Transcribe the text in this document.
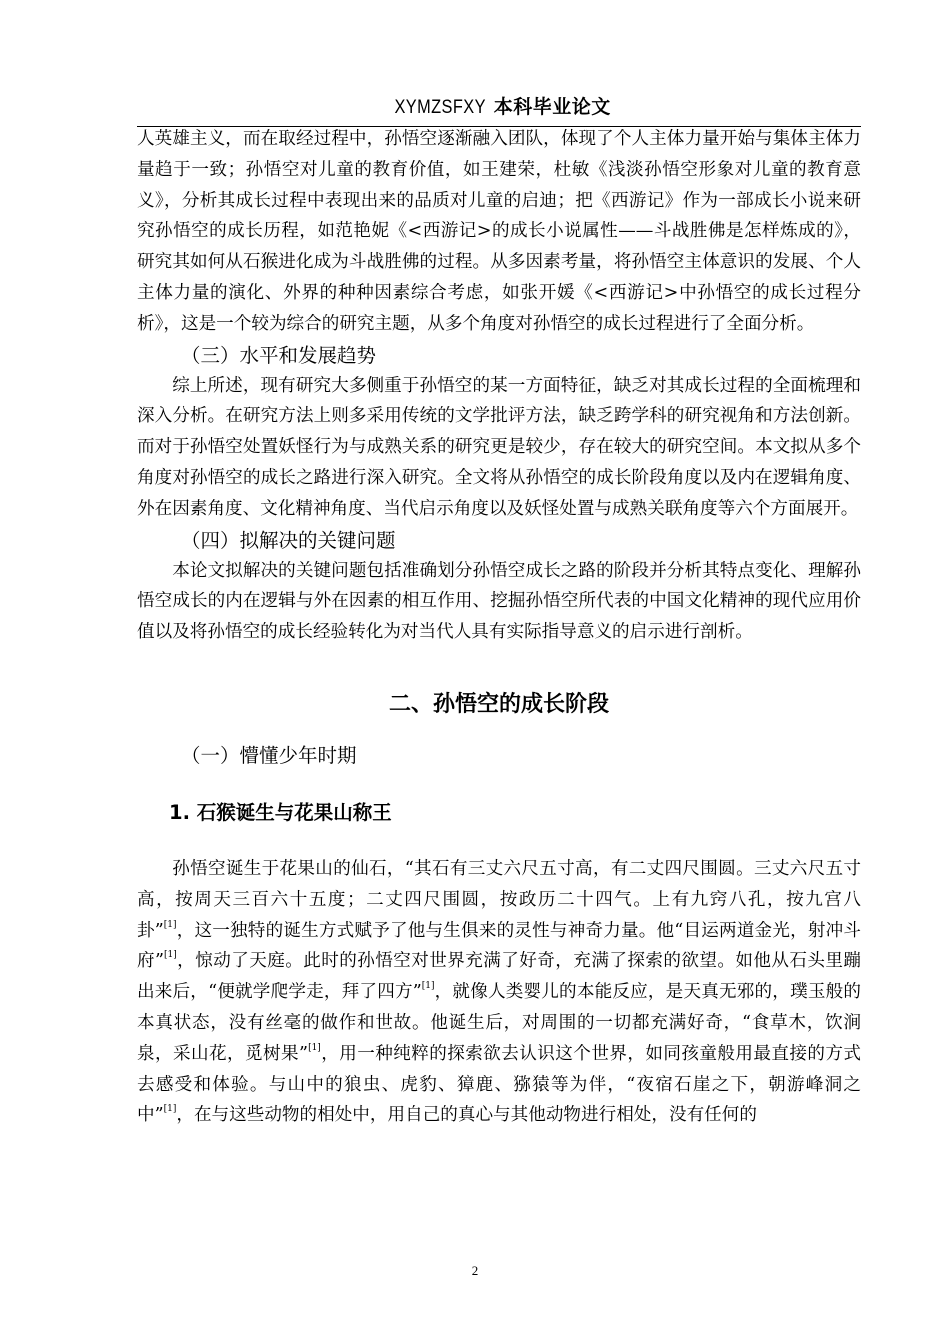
XYMZSFXY 本科毕业论文

人英雄主义，而在取经过程中，孙悟空逐渐融入团队，体现了个人主体力量开始与集体主体力量趋于一致；孙悟空对儿童的教育价值，如王建荣，杜敏《浅淡孙悟空形象对儿童的教育意义》，分析其成长过程中表现出来的品质对儿童的启迪；把《西游记》作为一部成长小说来研究孙悟空的成长历程，如范艳妮《<西游记>的成长小说属性——斗战胜佛是怎样炼成的》，研究其如何从石猴进化成为斗战胜佛的过程。从多因素考量，将孙悟空主体意识的发展、个人主体力量的演化、外界的种种因素综合考虑，如张开媛《<西游记>中孙悟空的成长过程分析》，这是一个较为综合的研究主题，从多个角度对孙悟空的成长过程进行了全面分析。

（三）水平和发展趋势

综上所述，现有研究大多侧重于孙悟空的某一方面特征，缺乏对其成长过程的全面梳理和深入分析。在研究方法上则多采用传统的文学批评方法，缺乏跨学科的研究视角和方法创新。而对于孙悟空处置妖怪行为与成熟关系的研究更是较少，存在较大的研究空间。本文拟从多个角度对孙悟空的成长之路进行深入研究。全文将从孙悟空的成长阶段角度以及内在逻辑角度、外在因素角度、文化精神角度、当代启示角度以及妖怪处置与成熟关联角度等六个方面展开。

（四）拟解决的关键问题

本论文拟解决的关键问题包括准确划分孙悟空成长之路的阶段并分析其特点变化、理解孙悟空成长的内在逻辑与外在因素的相互作用、挖掘孙悟空所代表的中国文化精神的现代应用价值以及将孙悟空的成长经验转化为对当代人具有实际指导意义的启示进行剖析。

二、孙悟空的成长阶段
（一）懵懂少年时期
1. 石猴诞生与花果山称王

孙悟空诞生于花果山的仙石，“其石有三丈六尺五寸高，有二丈四尺围圆。三丈六尺五寸高，按周天三百六十五度；二丈四尺围圆，按政历二十四气。上有九窍八孔，按九宫八卦”[1]，这一独特的诞生方式赋予了他与生俱来的灵性与神奇力量。他“目运两道金光，射冲斗府”[1]，惊动了天庭。此时的孙悟空对世界充满了好奇，充满了探索的欲望。如他从石头里蹦出来后，“便就学爬学走，拜了四方”[1]，就像人类婴儿的本能反应，是天真无邪的，璞玉般的本真状态，没有丝毫的做作和世故。他诞生后，对周围的一切都充满好奇，“食草木，饮涧泉，采山花，觅树果”[1]，用一种纯粹的探索欲去认识这个世界，如同孩童般用最直接的方式去感受和体验。与山中的狼虫、虎豹、獐鹿、猕猿等为伴，“夜宿石崖之下，朝游峰洞之中”[1]，在与这些动物的相处中，用自己的真心与其他动物进行相处，没有任何的

2
